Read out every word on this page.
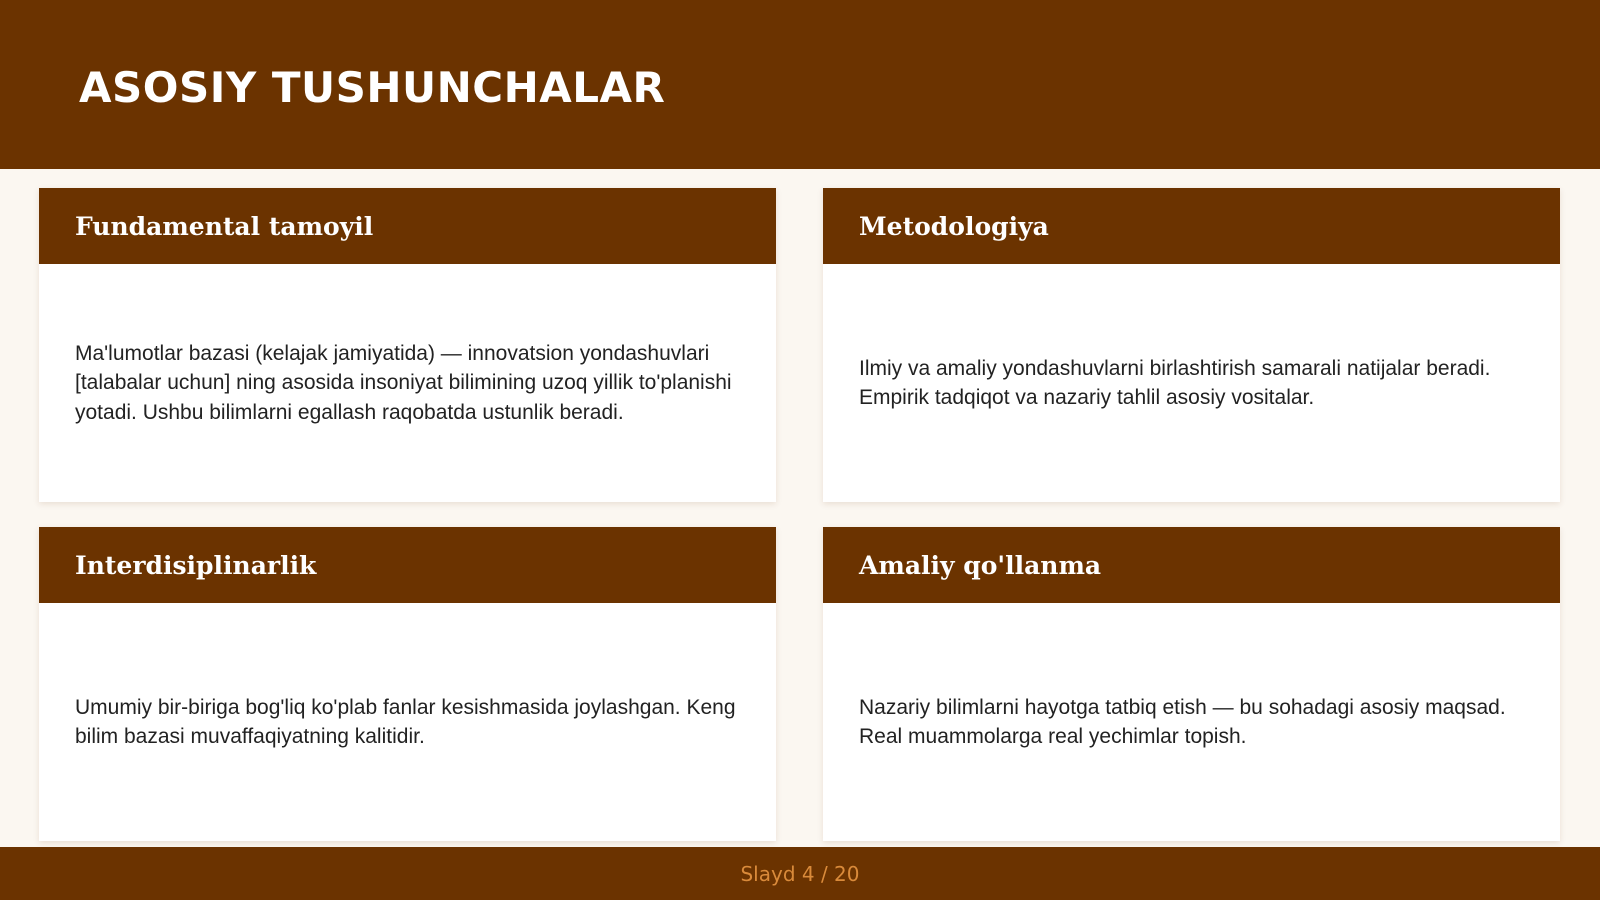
ASOSIY TUSHUNCHALAR
Fundamental tamoyil

Ma'lumotlar bazasi (kelajak jamiyatida) — innovatsion yondashuvlari [talabalar uchun] ning asosida insoniyat bilimining uzoq yillik to'planishi yotadi. Ushbu bilimlarni egallash raqobatda ustunlik beradi.

Metodologiya

Ilmiy va amaliy yondashuvlarni birlashtirish samarali natijalar beradi. Empirik tadqiqot va nazariy tahlil asosiy vositalar.

Interdisiplinarlik

Umumiy bir-biriga bog'liq ko'plab fanlar kesishmasida joylashgan. Keng bilim bazasi muvaffaqiyatning kalitidir.

Amaliy qo'llanma

Nazariy bilimlarni hayotga tatbiq etish — bu sohadagi asosiy maqsad. Real muammolarga real yechimlar topish.

Slayd 4 / 20
